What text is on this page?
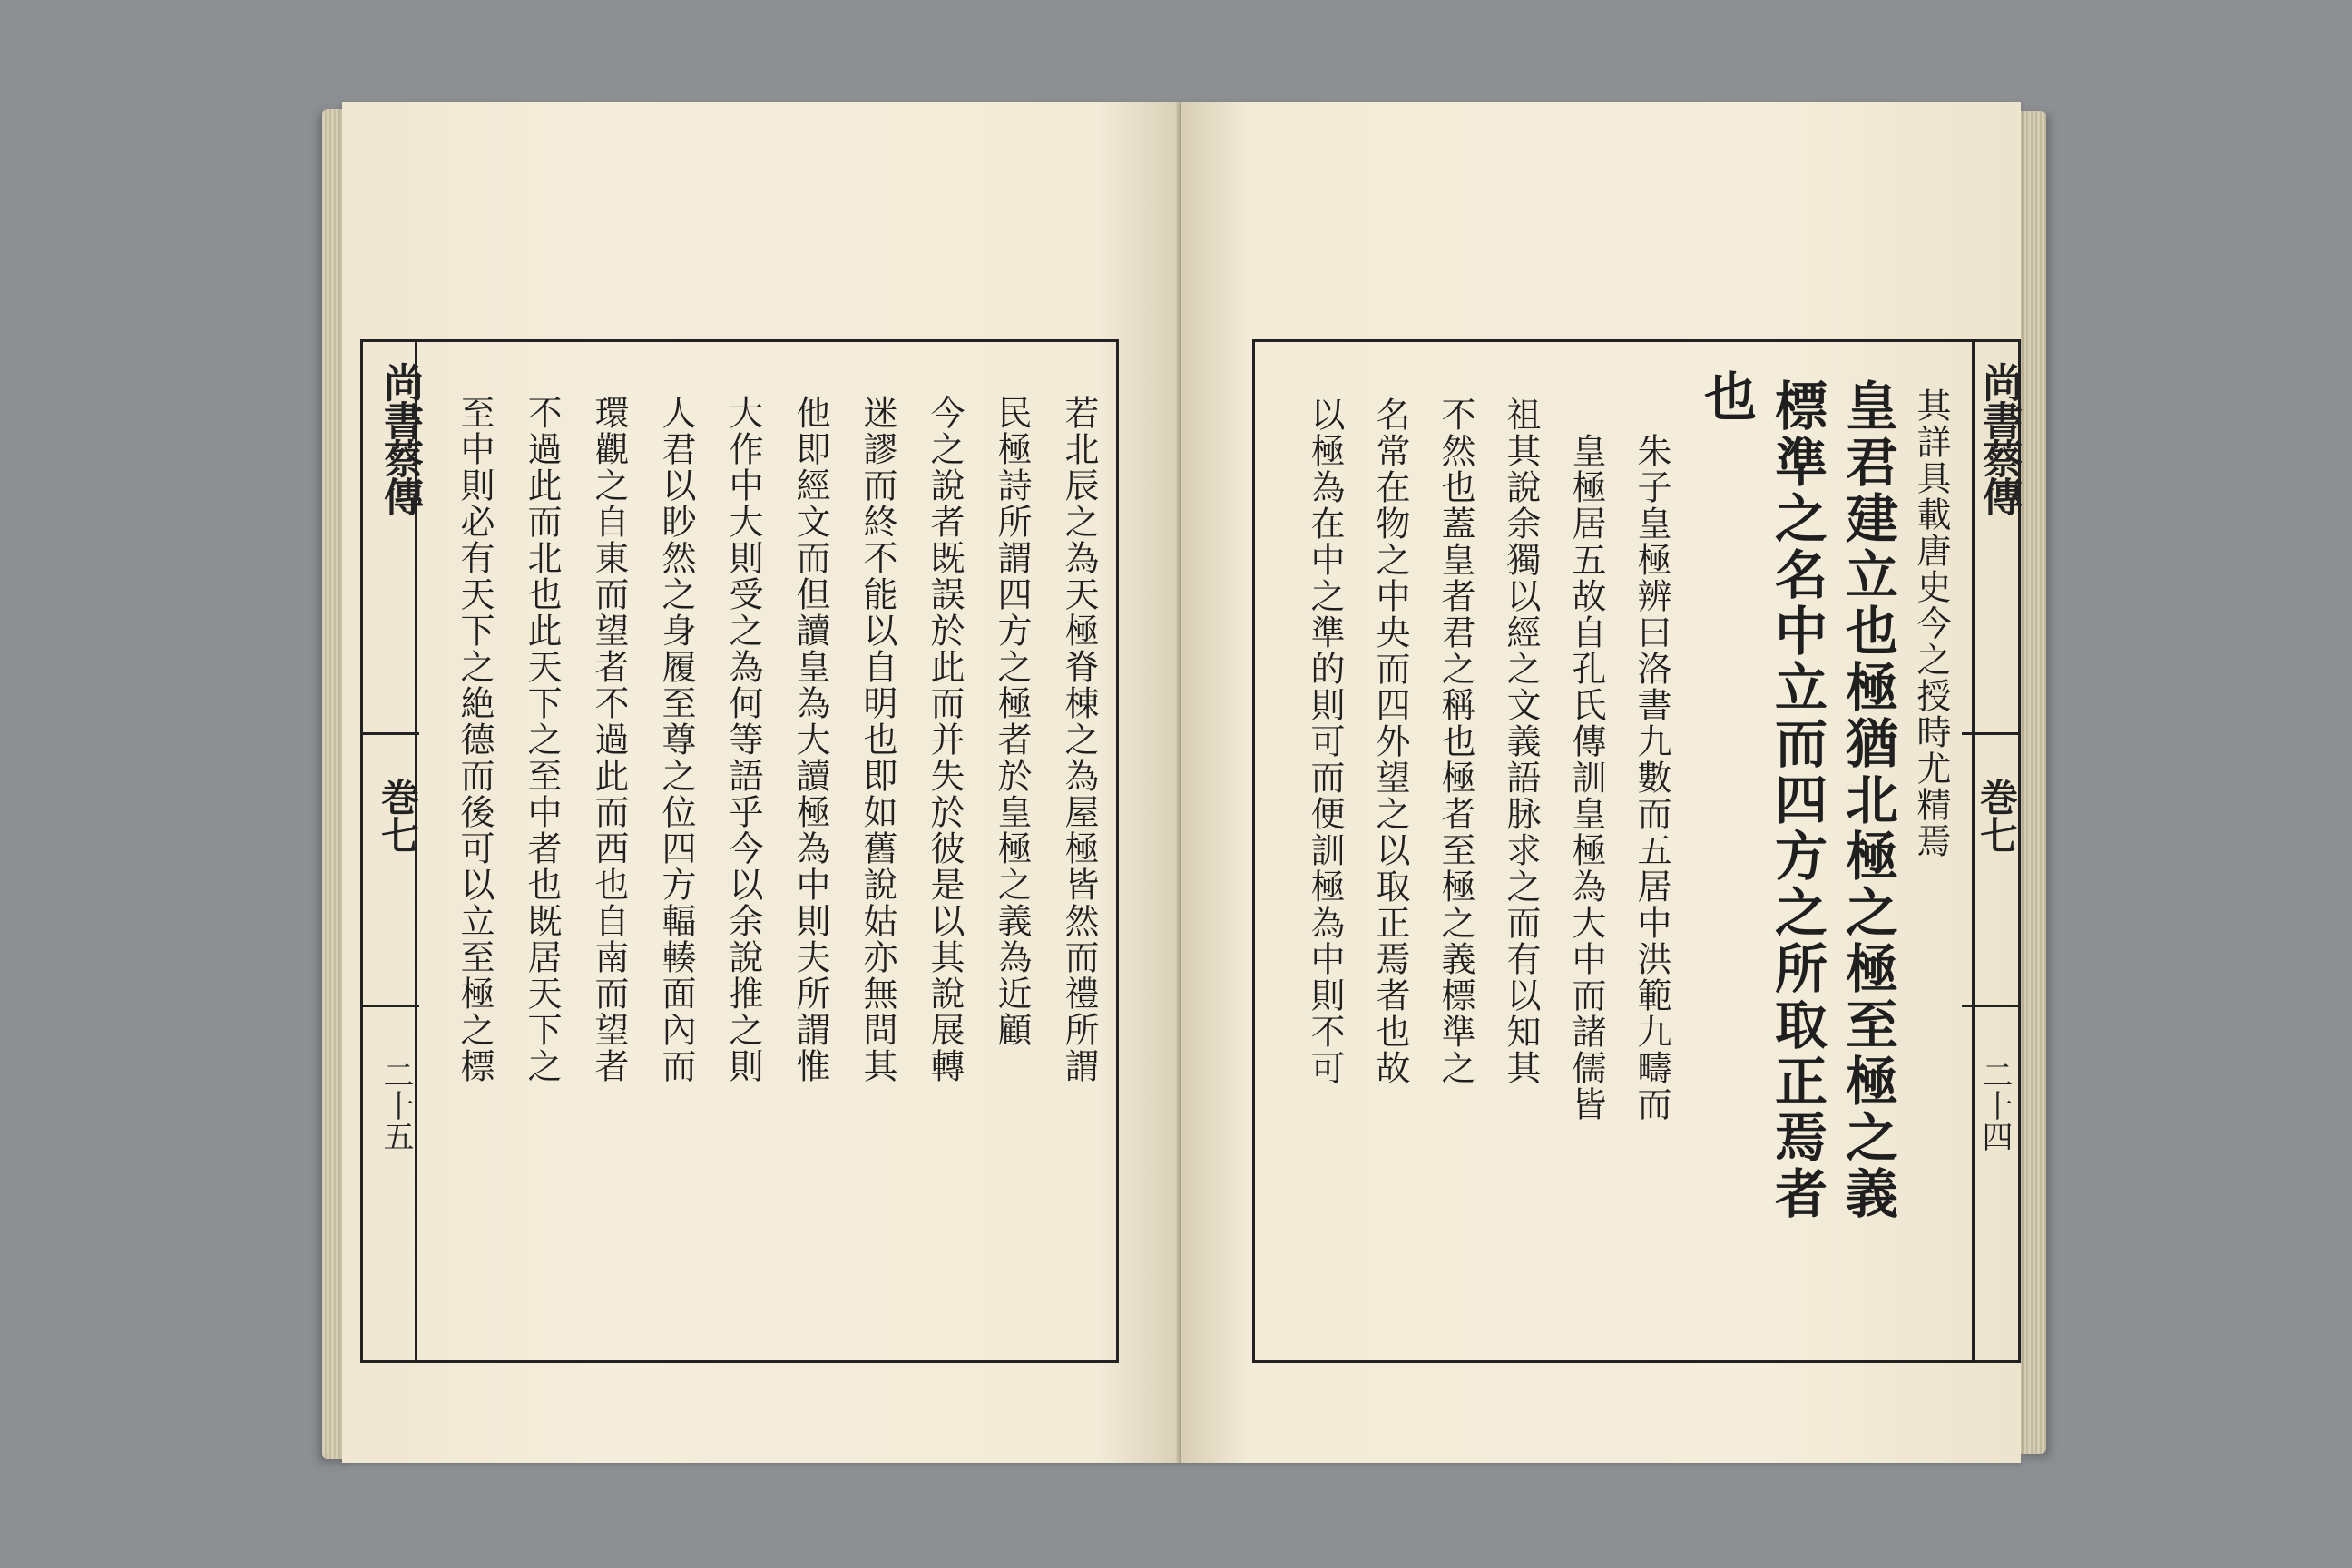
尚書蔡傳
巻七
二十五
若北辰之為天極脊棟之為屋極皆然而禮所謂
民極詩所謂四方之極者於皇極之義為近顧
今之說者既誤於此而并失於彼是以其說展轉
迷謬而終不能以自明也即如舊說姑亦無問其
他即經文而但讀皇為大讀極為中則夫所謂惟
大作中大則受之為何等語乎今以余說推之則
人君以眇然之身履至尊之位四方輻輳面內而
環觀之自東而望者不過此而西也自南而望者
不過此而北也此天下之至中者也既居天下之
至中則必有天下之絶德而後可以立至極之標	尚書蔡傳
巻七
二十四
其詳具載唐史今之授時尤精焉
皇君建立也極猶北極之極至極之義
標準之名中立而四方之所取正焉者
也
朱子皇極辨曰洛書九數而五居中洪範九疇而
皇極居五故自孔氏傳訓皇極為大中而諸儒皆
祖其說余獨以經之文義語脉求之而有以知其
不然也蓋皇者君之稱也極者至極之義標準之
名常在物之中央而四外望之以取正焉者也故
以極為在中之準的則可而便訓極為中則不可
